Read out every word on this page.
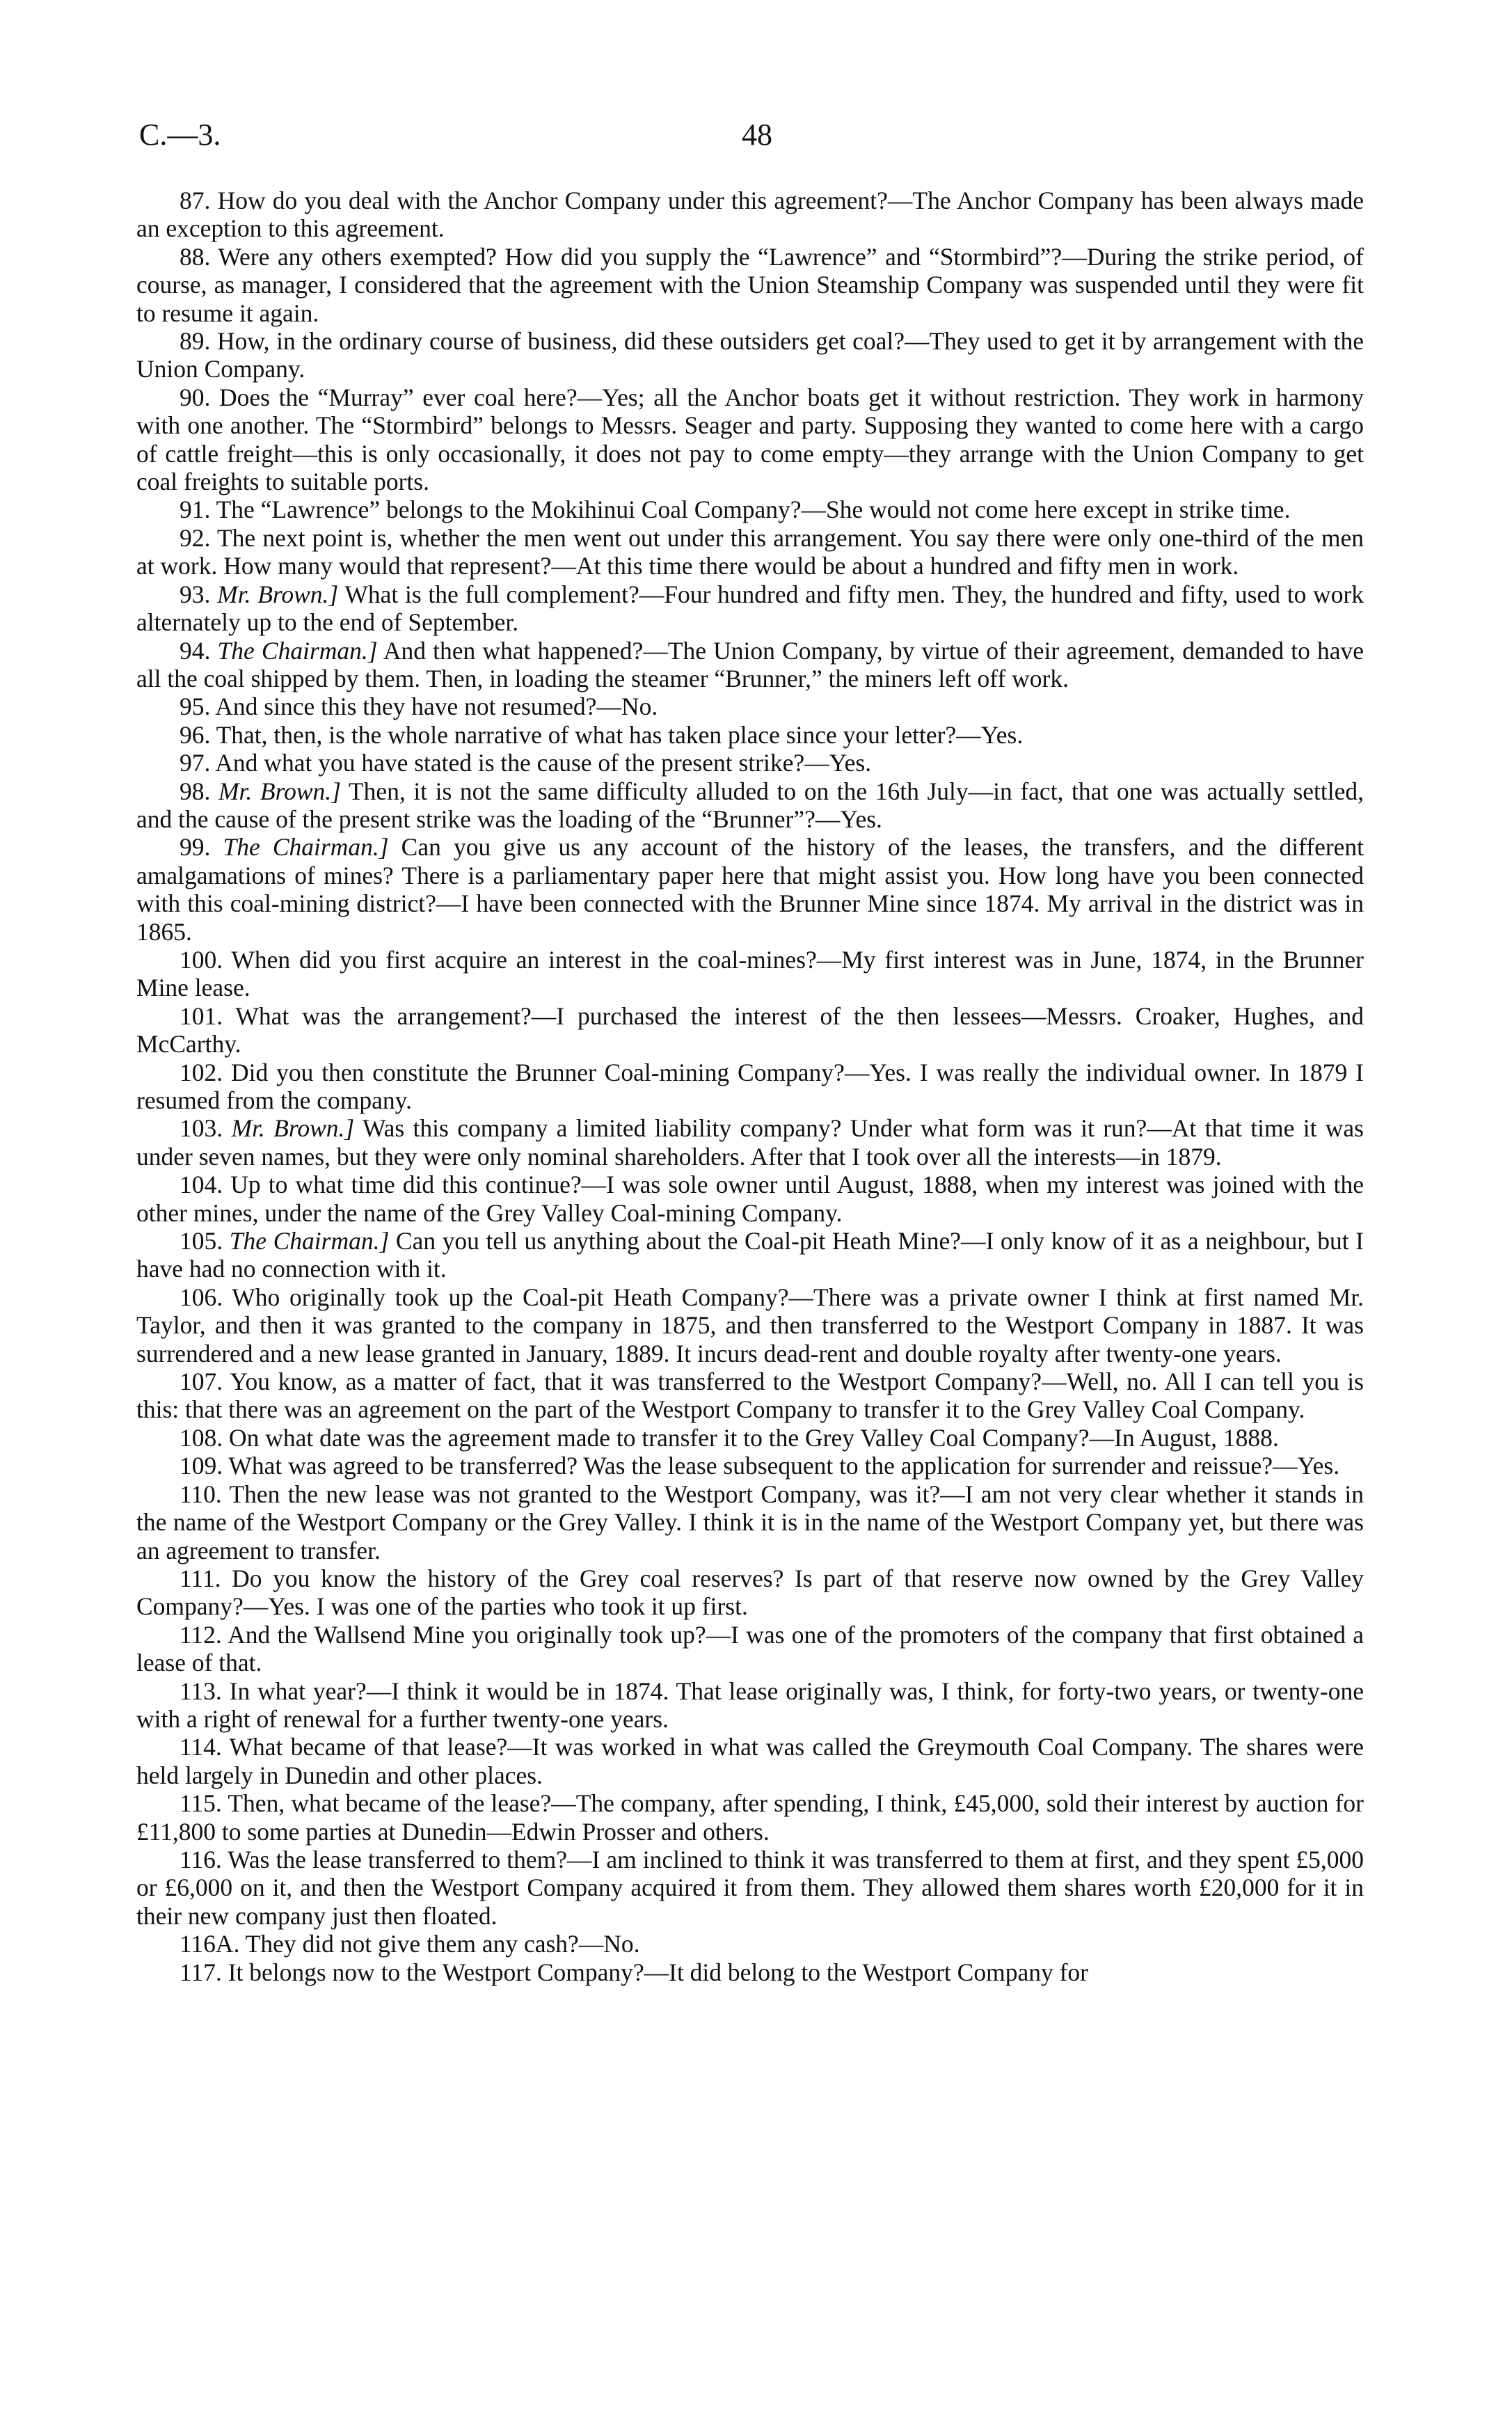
C.—3.	48

87. How do you deal with the Anchor Company under this agreement?—The Anchor Company has been always made an exception to this agreement.

88. Were any others exempted? How did you supply the “Lawrence” and “Stormbird”?—During the strike period, of course, as manager, I considered that the agreement with the Union Steamship Company was suspended until they were fit to resume it again.

89. How, in the ordinary course of business, did these outsiders get coal?—They used to get it by arrangement with the Union Company.

90. Does the “Murray” ever coal here?—Yes; all the Anchor boats get it without restriction. They work in harmony with one another. The “Stormbird” belongs to Messrs. Seager and party. Supposing they wanted to come here with a cargo of cattle freight—this is only occasionally, it does not pay to come empty—they arrange with the Union Company to get coal freights to suitable ports.

91. The “Lawrence” belongs to the Mokihinui Coal Company?—She would not come here except in strike time.

92. The next point is, whether the men went out under this arrangement. You say there were only one-third of the men at work. How many would that represent?—At this time there would be about a hundred and fifty men in work.

93. Mr. Brown.] What is the full complement?—Four hundred and fifty men. They, the hundred and fifty, used to work alternately up to the end of September.

94. The Chairman.] And then what happened?—The Union Company, by virtue of their agreement, demanded to have all the coal shipped by them. Then, in loading the steamer “Brunner,” the miners left off work.

95. And since this they have not resumed?—No.

96. That, then, is the whole narrative of what has taken place since your letter?—Yes.

97. And what you have stated is the cause of the present strike?—Yes.

98. Mr. Brown.] Then, it is not the same difficulty alluded to on the 16th July—in fact, that one was actually settled, and the cause of the present strike was the loading of the “Brunner”?—Yes.

99. The Chairman.] Can you give us any account of the history of the leases, the transfers, and the different amalgamations of mines? There is a parliamentary paper here that might assist you. How long have you been connected with this coal-mining district?—I have been connected with the Brunner Mine since 1874. My arrival in the district was in 1865.

100. When did you first acquire an interest in the coal-mines?—My first interest was in June, 1874, in the Brunner Mine lease.

101. What was the arrangement?—I purchased the interest of the then lessees—Messrs. Croaker, Hughes, and McCarthy.

102. Did you then constitute the Brunner Coal-mining Company?—Yes. I was really the individual owner. In 1879 I resumed from the company.

103. Mr. Brown.] Was this company a limited liability company? Under what form was it run?—At that time it was under seven names, but they were only nominal shareholders. After that I took over all the interests—in 1879.

104. Up to what time did this continue?—I was sole owner until August, 1888, when my interest was joined with the other mines, under the name of the Grey Valley Coal-mining Company.

105. The Chairman.] Can you tell us anything about the Coal-pit Heath Mine?—I only know of it as a neighbour, but I have had no connection with it.

106. Who originally took up the Coal-pit Heath Company?—There was a private owner I think at first named Mr. Taylor, and then it was granted to the company in 1875, and then transferred to the Westport Company in 1887. It was surrendered and a new lease granted in January, 1889. It incurs dead-rent and double royalty after twenty-one years.

107. You know, as a matter of fact, that it was transferred to the Westport Company?—Well, no. All I can tell you is this: that there was an agreement on the part of the Westport Company to transfer it to the Grey Valley Coal Company.

108. On what date was the agreement made to transfer it to the Grey Valley Coal Company?—In August, 1888.

109. What was agreed to be transferred? Was the lease subsequent to the application for surrender and reissue?—Yes.

110. Then the new lease was not granted to the Westport Company, was it?—I am not very clear whether it stands in the name of the Westport Company or the Grey Valley. I think it is in the name of the Westport Company yet, but there was an agreement to transfer.

111. Do you know the history of the Grey coal reserves? Is part of that reserve now owned by the Grey Valley Company?—Yes. I was one of the parties who took it up first.

112. And the Wallsend Mine you originally took up?—I was one of the promoters of the company that first obtained a lease of that.

113. In what year?—I think it would be in 1874. That lease originally was, I think, for forty-two years, or twenty-one with a right of renewal for a further twenty-one years.

114. What became of that lease?—It was worked in what was called the Greymouth Coal Company. The shares were held largely in Dunedin and other places.

115. Then, what became of the lease?—The company, after spending, I think, £45,000, sold their interest by auction for £11,800 to some parties at Dunedin—Edwin Prosser and others.

116. Was the lease transferred to them?—I am inclined to think it was transferred to them at first, and they spent £5,000 or £6,000 on it, and then the Westport Company acquired it from them. They allowed them shares worth £20,000 for it in their new company just then floated.

116A. They did not give them any cash?—No.

117. It belongs now to the Westport Company?—It did belong to the Westport Company for
